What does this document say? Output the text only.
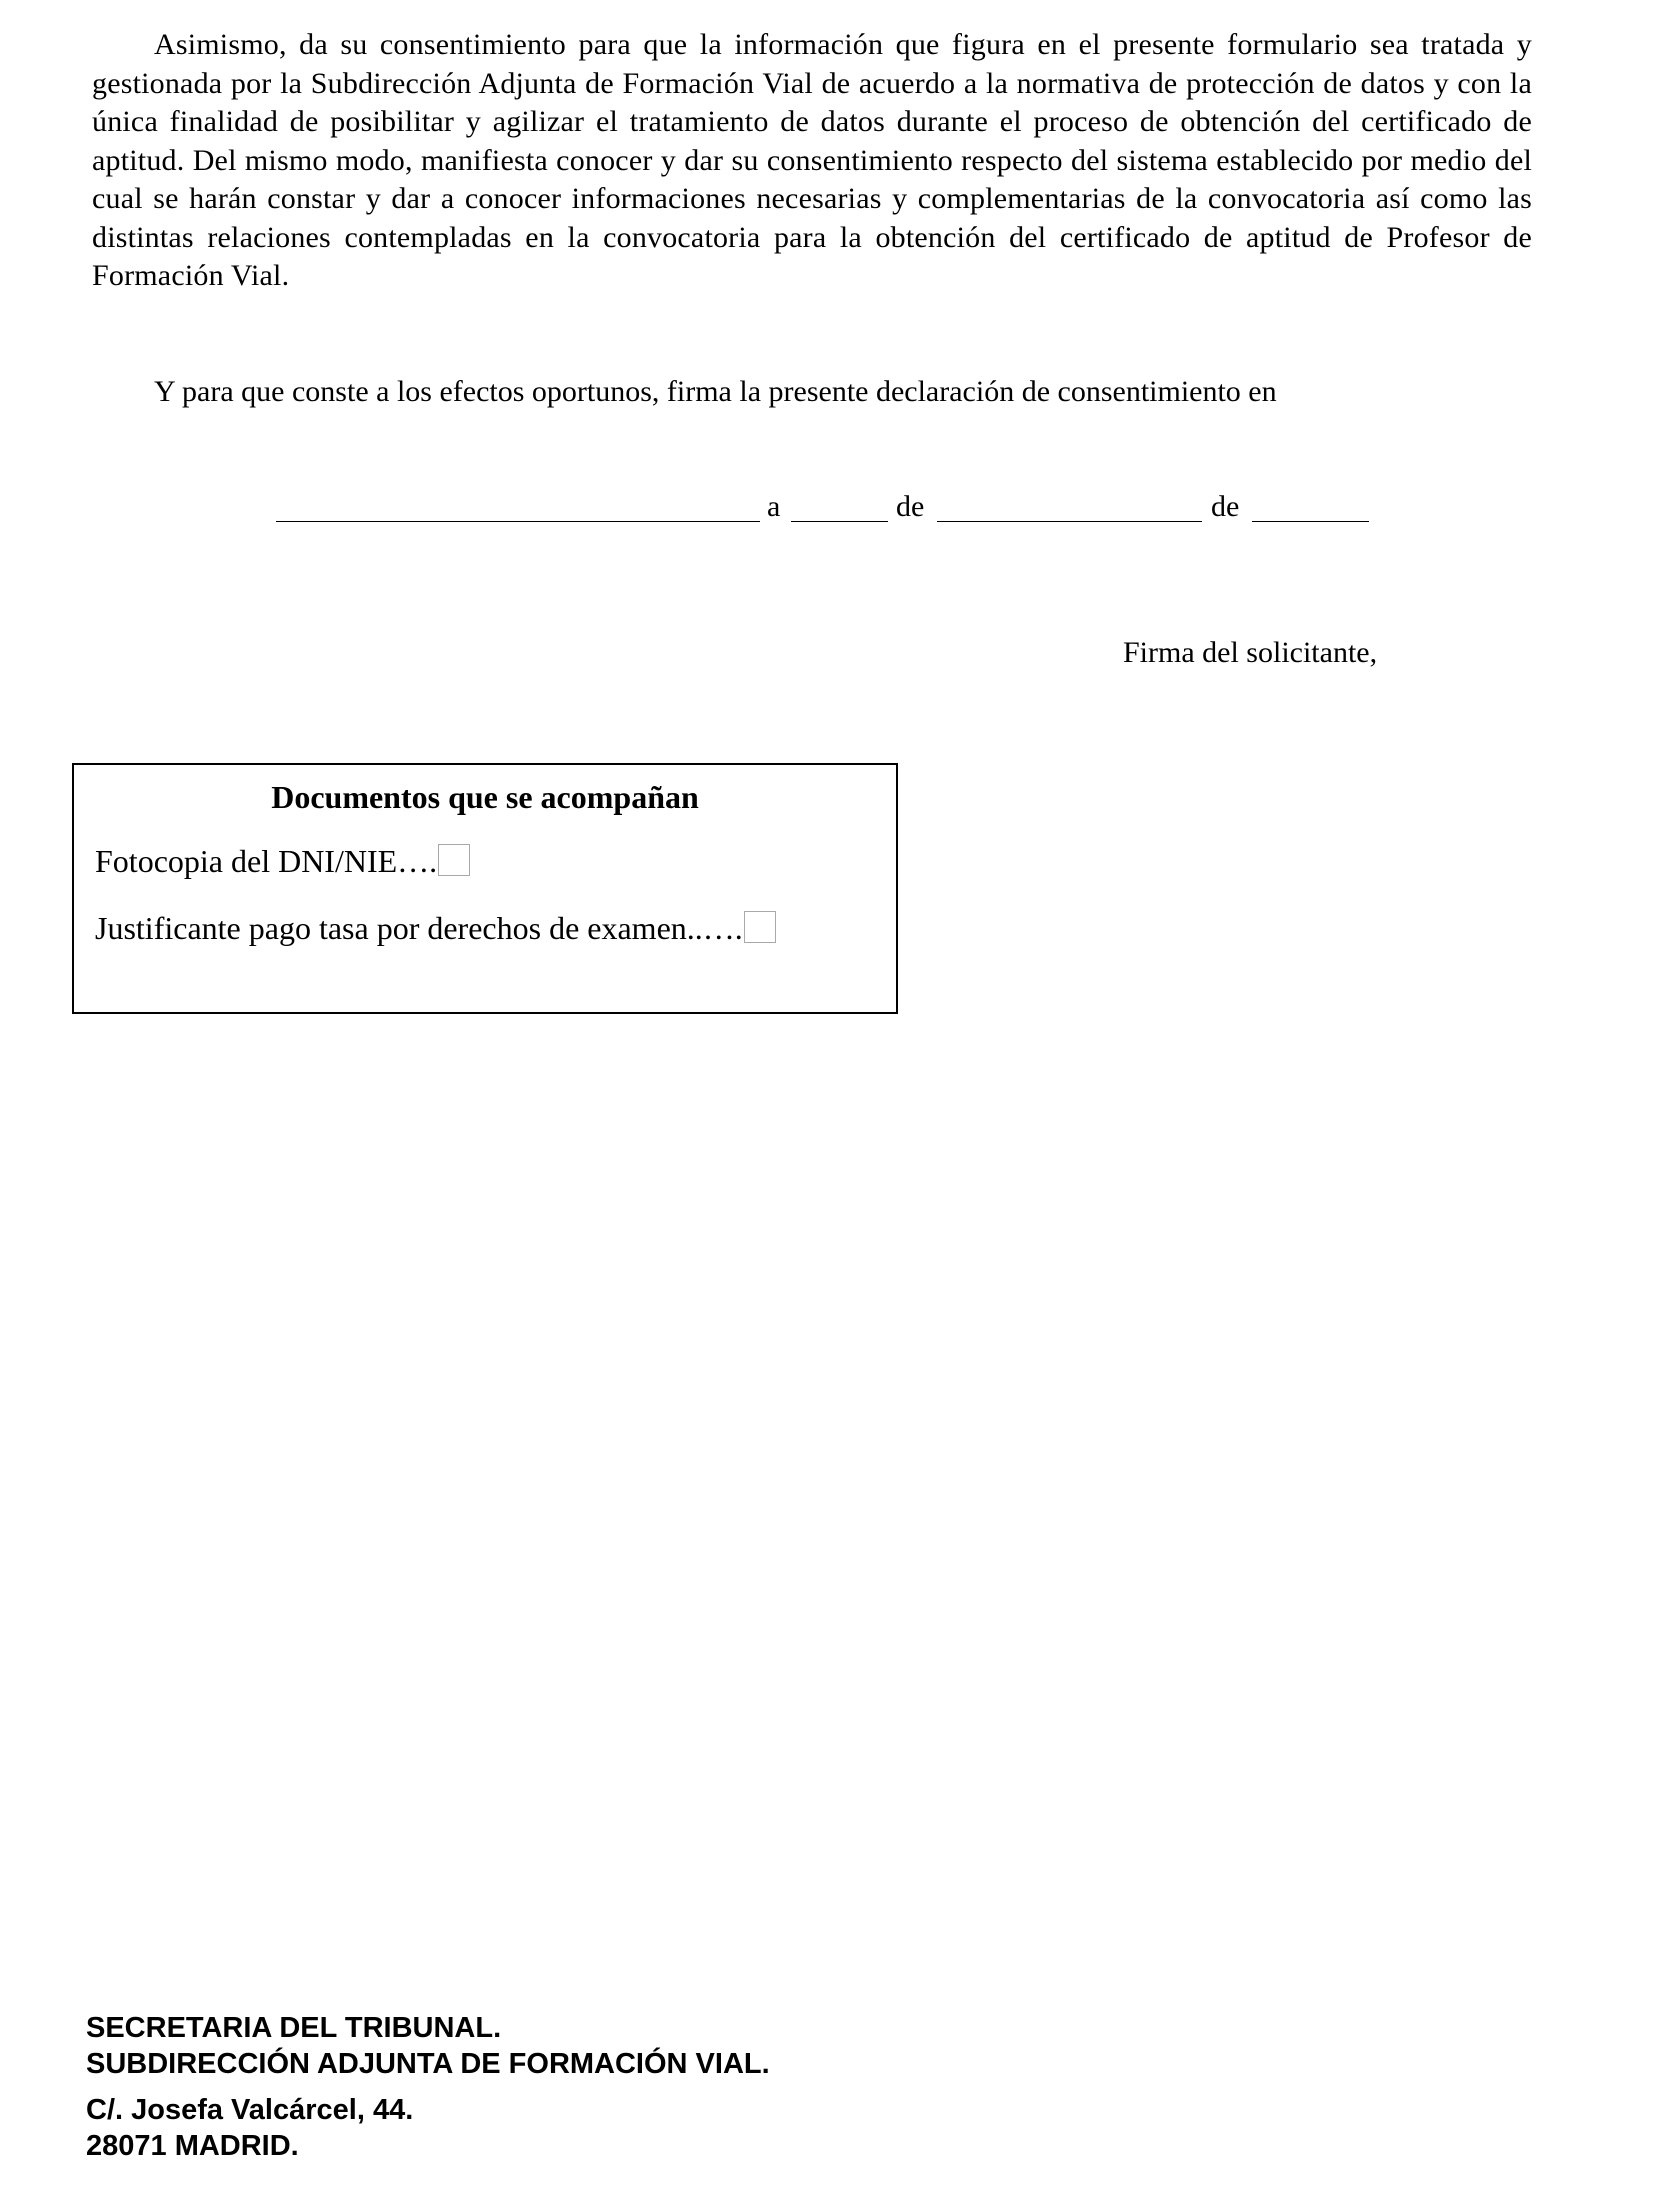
Asimismo, da su consentimiento para que la información que figura en el presente formulario sea tratada y gestionada por la Subdirección Adjunta de Formación Vial de acuerdo a la normativa de protección de datos y con la única finalidad de posibilitar y agilizar el tratamiento de datos durante el proceso de obtención del certificado de aptitud. Del mismo modo, manifiesta conocer y dar su consentimiento respecto del sistema establecido por medio del cual se harán constar y dar a conocer informaciones necesarias y complementarias de la convocatoria así como las distintas relaciones contempladas en la convocatoria para la obtención del certificado de aptitud de Profesor de Formación Vial.

Y para que conste a los efectos oportunos, firma la presente declaración de consentimiento en

a	de	de

Firma del solicitante,

Documentos que se acompañan
Fotocopia del DNI/NIE….
Justificante pago tasa por derechos de examen..….
SECRETARIA DEL TRIBUNAL.
SUBDIRECCIÓN ADJUNTA DE FORMACIÓN VIAL.
C/. Josefa Valcárcel, 44.
28071 MADRID.
